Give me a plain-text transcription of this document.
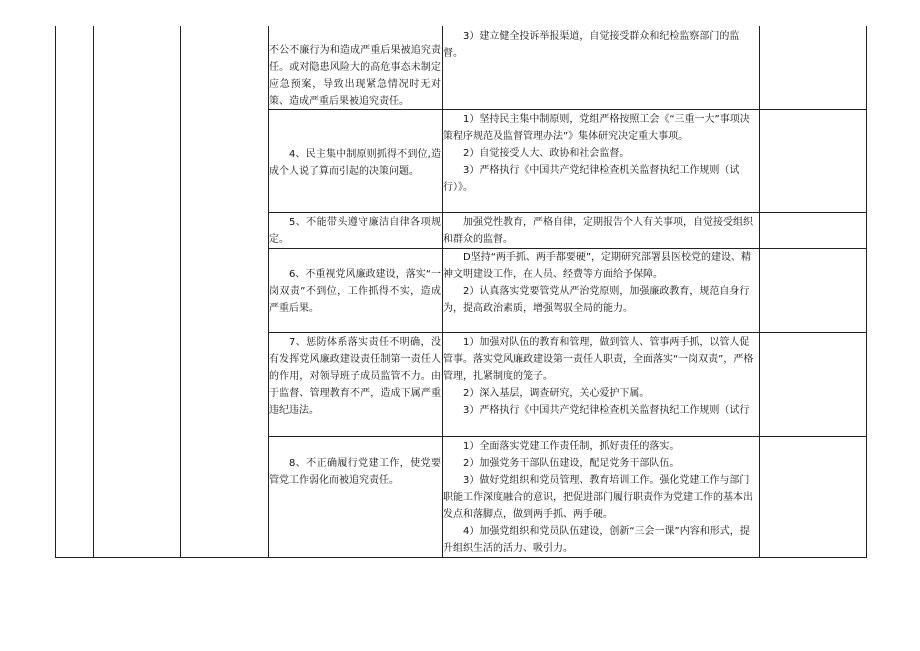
不公不廉行为和造成严重后果被追究责任。或对隐患风险大的高危事态未制定应急预案，导致出现紧急情况时无对策、造成严重后果被追究责任。

3）建立健全投诉举报渠道，自觉接受群众和纪检监察部门的监督。

4、民主集中制原则抓得不到位,造成个人说了算而引起的决策问题。

1）坚持民主集中制原则，党组严格按照工会《“三重一大”事项决策程序规范及监督管理办法”》集体研究决定重大事项。

2）自觉接受人大、政协和社会监督。

3）严格执行《中国共产党纪律检查机关监督执纪工作规则（试行）》。

5、不能带头遵守廉洁自律各项规定。

加强党性教育，严格自律，定期报告个人有关事项，自觉接受组织和群众的监督。

6、不重视党风廉政建设，落实“一岗双责”不到位，工作抓得不实，造成严重后果。

D坚持“两手抓、两手都要硬”，定期研究部署县医校党的建设、精神文明建设工作，在人员、经费等方面给予保障。

2）认真落实党要管党从严治党原则，加强廉政教育，规范自身行为，提高政治素质，增强驾驭全局的能力。

7、惩防体系落实责任不明确，没有发挥党风廉政建设责任制第一责任人的作用，对领导班子成员监管不力。由于监督、管理教育不严，造成下属严重违纪违法。

1）加强对队伍的教育和管理，做到管人、管事两手抓，以管人促管事。落实党风廉政建设第一责任人职责，全面落实“一岗双责”，严格管理，扎紧制度的笼子。

2）深入基层，调查研究，关心爱护下属。

3）严格执行《中国共产党纪律检查机关监督执纪工作规则（试行

8、不正确履行党建工作，使党要管党工作弱化而被追究责任。

1）全面落实党建工作责任制，抓好责任的落实。

2）加强党务干部队伍建设，配足党务干部队伍。

3）做好党组织和党员管理、教育培训工作。强化党建工作与部门职能工作深度融合的意识，把促进部门履行职责作为党建工作的基本出发点和落脚点，做到两手抓、两手硬。

4）加强党组织和党员队伍建设，创新“三会一课”内容和形式，提升组织生活的活力、吸引力。
